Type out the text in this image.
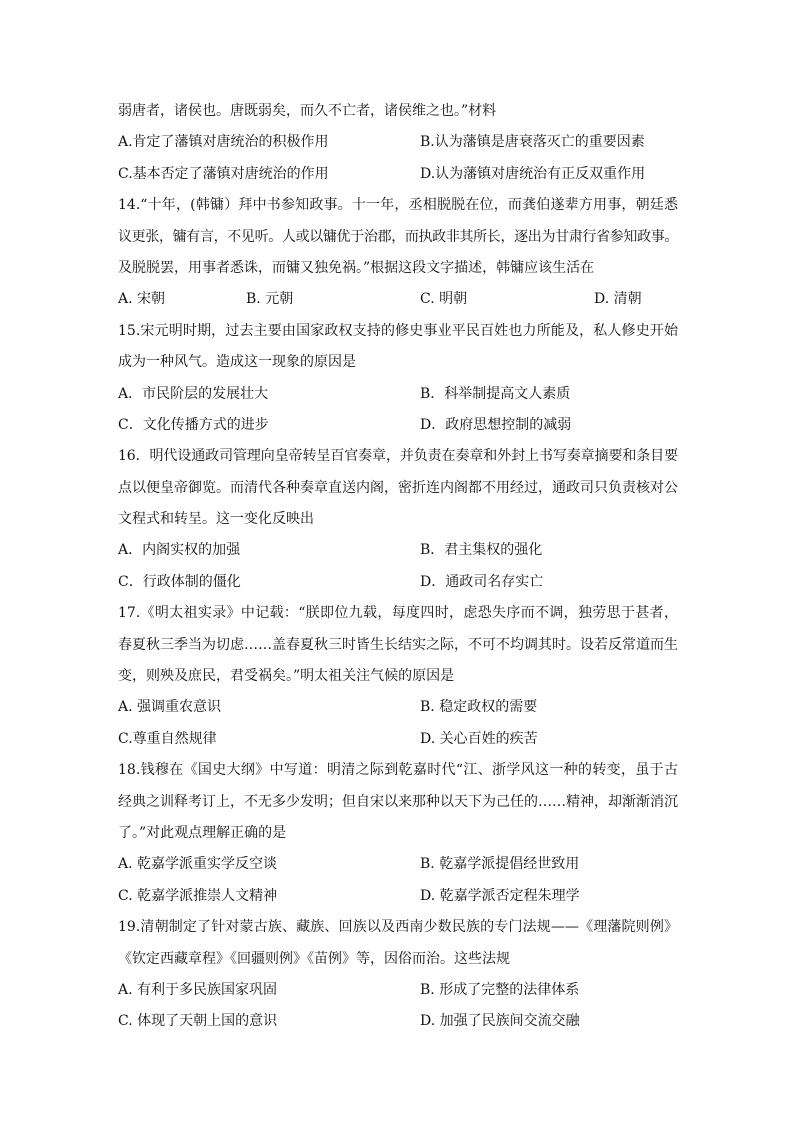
弱唐者，诸侯也。唐既弱矣，而久不亡者，诸侯维之也。”材料
A.肯定了藩镇对唐统治的积极作用	B.认为藩镇是唐衰落灭亡的重要因素
C.基本否定了藩镇对唐统治的作用	D.认为藩镇对唐统治有正反双重作用
14.“十年，(韩镛）拜中书参知政事。十一年，丞相脱脱在位，而龚伯遂辈方用事，朝廷悉
议更张，镛有言，不见听。人或以镛优于治郡，而执政非其所长，逐出为甘肃行省参知政事。
及脱脱罢，用事者悉诛，而镛又独免祸。”根据这段文字描述，韩镛应该生活在
A. 宋朝	B. 元朝	C. 明朝	D. 清朝
15.宋元明时期，过去主要由国家政权支持的修史事业平民百姓也力所能及，私人修史开始
成为一种风气。造成这一现象的原因是
A．市民阶层的发展壮大	B．科举制提高文人素质
C．文化传播方式的进步	D．政府思想控制的减弱
16．明代设通政司管理向皇帝转呈百官奏章，并负责在奏章和外封上书写奏章摘要和条目要
点以便皇帝御览。而清代各种奏章直送内阁，密折连内阁都不用经过，通政司只负责核对公
文程式和转呈。这一变化反映出
A．内阁实权的加强	B．君主集权的强化
C．行政体制的僵化	D．通政司名存实亡
17.《明太祖实录》中记载：“朕即位九载，每度四时，虑恐失序而不调，独劳思于甚者，
春夏秋三季当为切虑……盖春夏秋三时皆生长结实之际，不可不均调其时。设若反常道而生
变，则殃及庶民，君受祸矣。”明太祖关注气候的原因是
A. 强调重农意识	B. 稳定政权的需要
C.尊重自然规律	D. 关心百姓的疾苦
18.钱穆在《国史大纲》中写道：明清之际到乾嘉时代“江、浙学风这一种的转变，虽于古
经典之训释考订上，不无多少发明；但自宋以来那种以天下为己任的……精神，却渐渐消沉
了。”对此观点理解正确的是
A. 乾嘉学派重实学反空谈	B. 乾嘉学派提倡经世致用
C. 乾嘉学派推崇人文精神	D. 乾嘉学派否定程朱理学
19.清朝制定了针对蒙古族、藏族、回族以及西南少数民族的专门法规——《理藩院则例》
《钦定西藏章程》《回疆则例》《苗例》等，因俗而治。这些法规
A. 有利于多民族国家巩固	B. 形成了完整的法律体系
C. 体现了天朝上国的意识	D. 加强了民族间交流交融
